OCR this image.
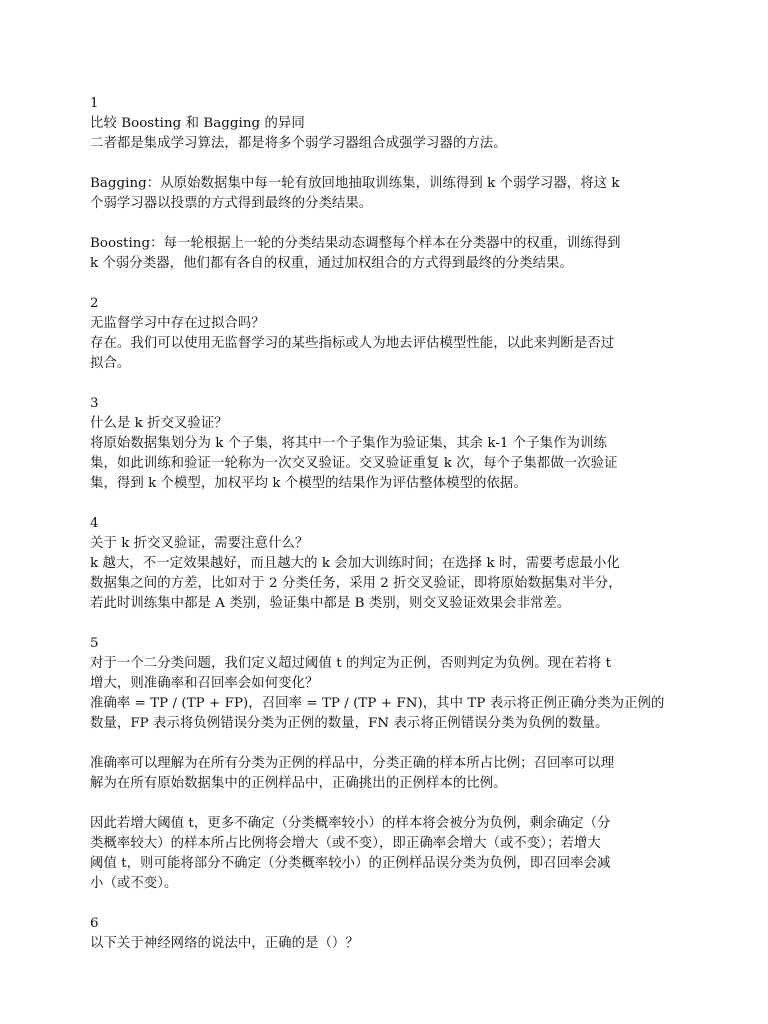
1
比较 Boosting 和 Bagging 的异同
二者都是集成学习算法，都是将多个弱学习器组合成强学习器的方法。
Bagging：从原始数据集中每一轮有放回地抽取训练集，训练得到 k 个弱学习器，将这 k
个弱学习器以投票的方式得到最终的分类结果。
Boosting：每一轮根据上一轮的分类结果动态调整每个样本在分类器中的权重，训练得到
k 个弱分类器，他们都有各自的权重，通过加权组合的方式得到最终的分类结果。
2
无监督学习中存在过拟合吗？
存在。我们可以使用无监督学习的某些指标或人为地去评估模型性能，以此来判断是否过
拟合。
3
什么是 k 折交叉验证？
将原始数据集划分为 k 个子集，将其中一个子集作为验证集，其余 k-1 个子集作为训练
集，如此训练和验证一轮称为一次交叉验证。交叉验证重复 k 次，每个子集都做一次验证
集，得到 k 个模型，加权平均 k 个模型的结果作为评估整体模型的依据。
4
关于 k 折交叉验证，需要注意什么？
k 越大，不一定效果越好，而且越大的 k 会加大训练时间；在选择 k 时，需要考虑最小化
数据集之间的方差，比如对于 2 分类任务，采用 2 折交叉验证，即将原始数据集对半分，
若此时训练集中都是 A 类别，验证集中都是 B 类别，则交叉验证效果会非常差。
5
对于一个二分类问题，我们定义超过阈值 t 的判定为正例，否则判定为负例。现在若将 t
增大，则准确率和召回率会如何变化？
准确率 = TP / (TP + FP)，召回率 = TP / (TP + FN)，其中 TP 表示将正例正确分类为正例的
数量，FP 表示将负例错误分类为正例的数量，FN 表示将正例错误分类为负例的数量。
准确率可以理解为在所有分类为正例的样品中，分类正确的样本所占比例；召回率可以理
解为在所有原始数据集中的正例样品中，正确挑出的正例样本的比例。
因此若增大阈值 t，更多不确定（分类概率较小）的样本将会被分为负例，剩余确定（分
类概率较大）的样本所占比例将会增大（或不变），即正确率会增大（或不变）；若增大
阈值 t，则可能将部分不确定（分类概率较小）的正例样品误分类为负例，即召回率会减
小（或不变）。
6
以下关于神经网络的说法中，正确的是（）？
